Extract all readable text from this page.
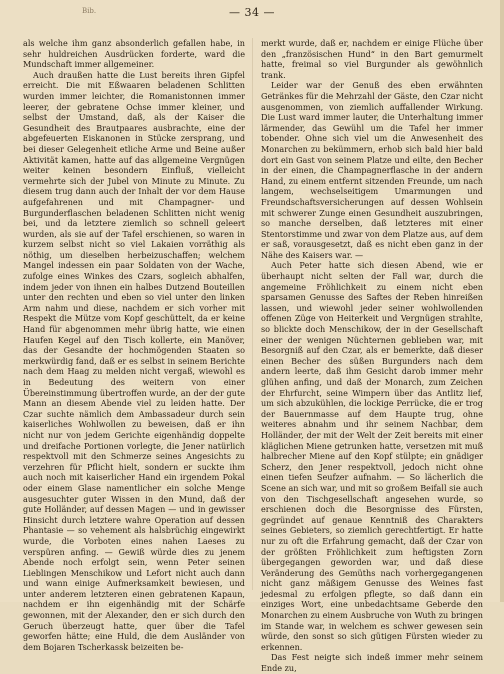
Bib.	— 34 —

als welche ihm ganz absonderlich gefallen habe, in sehr huldreichen Ausdrücken forderte, ward die Mundschaft immer allgemeiner.

Auch draußen hatte die Lust bereits ihren Gipfel erreicht. Die mit Eßwaaren beladenen Schlitten wurden immer leichter, die Romanistonnen immer leerer, der gebratene Ochse immer kleiner, und selbst der Umstand, daß, als der Kaiser die Gesundheit des Brautpaares ausbrachte, eine der abgefeuerten Eiskanonen in Stücke zersprang, und bei dieser Gelegenheit etliche Arme und Beine außer Aktivität kamen, hatte auf das allgemeine Vergnügen weiter keinen besondern Einfluß, vielleicht vermehrte sich der Jubel von Minute zu Minute. Zu diesem trug dann auch der Inhalt der vor dem Hause aufgefahrenen und mit Champagner- und Burgunderflaschen beladenen Schlitten nicht wenig bei, und da letztere ziemlich so schnell geleert wurden, als sie auf der Tafel erschienen, so waren in kurzem selbst nicht so viel Lakaien vorräthig als nöthig, um dieselben herbeizuschaffen; welchem Mangel indessen ein paar Soldaten von der Wache, zufolge eines Winkes des Czars, sogleich abhalfen, indem jeder von ihnen ein halbes Dutzend Bouteillen unter den rechten und eben so viel unter den linken Arm nahm und diese, nachdem er sich vorher mit Respekt die Mütze vom Kopf geschüttelt, da er keine Hand für abgenommen mehr übrig hatte, wie einen Haufen Kegel auf den Tisch kollerte, ein Manöver, das der Gesandte der hochmögenden Staaten so merkwürdig fand, daß er es selbst in seinem Berichte nach dem Haag zu melden nicht vergaß, wiewohl es in Bedeutung des weitern von einer Übereinstimmung übertroffen wurde, an der der gute Mann an diesem Abende viel zu leiden hatte. Der Czar suchte nämlich dem Ambassadeur durch sein kaiserliches Wohlwollen zu beweisen, daß er ihn nicht nur von jedem Gerichte eigenhändig doppelte und dreifache Portionen vorlegte, die Jener natürlich respektvoll mit den Schmerze seines Angesichts zu verzehren für Pflicht hielt, sondern er suckte ihm auch noch mit kaiserlicher Hand ein irgendem Pokal oder einem Glase namentlicher ein solche Menge ausgesuchter guter Wissen in den Mund, daß der gute Holländer, auf dessen Magen — und in gewisser Hinsicht durch letztere wahre Operation auf dessen Phantasie — so vehement als halsbrüchig eingewirkt wurde, die Vorboten eines nahen Laeses zu verspüren anfing. — Gewiß würde dies zu jenem Abende noch erfolgt sein, wenn Peter seinen Lieblingen Menschikow und Lefort nicht auch dann und wann einige Aufmerksamkeit bewiesen, und unter anderem letzteren einen gebratenen Kapaun, nachdem er ihn eigenhändig mit der Schärfe gewonnen, mit der Alexander, den er sich durch den Geruch überzeugt hatte, quer über die Tafel geworfen hätte; eine Huld, die dem Ausländer von dem Bojaren Tscherkassk beizeiten be-

merkt wurde, daß er, nachdem er einige Flüche über den „französischen Hund“ in den Bart gemurmelt hatte, freimal so viel Burgunder als gewöhnlich trank.

Leider war der Genuß des eben erwähnten Getränkes für die Mehrzahl der Gäste, den Czar nicht ausgenommen, von ziemlich auffallender Wirkung. Die Lust ward immer lauter, die Unterhaltung immer lärmender, das Gewühl um die Tafel her immer tobender. Ohne sich viel um die Anwesenheit des Monarchen zu bekümmern, erhob sich bald hier bald dort ein Gast von seinem Platze und eilte, den Becher in der einen, die Champagnerflasche in der andern Hand, zu einem entfernt sitzenden Freunde, um nach langem, wechselseitigem Umarmungen und Freundschaftsversicherungen auf dessen Wohlsein mit schwerer Zunge einen Gesundheit auszubringen, so manche derselben, daß letzteres mit einer Stentorstimme und zwar von dem Platze aus, auf dem er saß, vorausgesetzt, daß es nicht eben ganz in der Nähe des Kaisers war. —

Auch Peter hatte sich diesen Abend, wie er überhaupt nicht selten der Fall war, durch die angemeine Fröhlichkeit zu einem nicht eben sparsamen Genusse des Saftes der Reben hinreißen lassen, und wiewohl jeder seiner wohlwollenden offenen Züge von Heiterkeit und Vergnügen strahlte, so blickte doch Menschikow, der in der Gesellschaft einer der wenigen Nüchternen geblieben war, mit Besorgniß auf den Czar, als er bemerkte, daß dieser einen Becher des süßen Burgunders nach dem andern leerte, daß ihm Gesicht darob immer mehr glühen anfing, und daß der Monarch, zum Zeichen der Ehrfurcht, seine Wimpern über das Antlitz lief, um sich abzukühlen, die lockige Perrücke, die er trog der Bauernmasse auf dem Haupte trug, ohne weiteres abnahm und ihr seinem Nachbar, dem Holländer, der mit der Welt der Zeit bereits mit einer kläglichen Miene getrunken hatte, versetzen mit muß halbrecher Miene auf den Kopf stülpte; ein gnädiger Scherz, den Jener respektvoll, jedoch nicht ohne einen tiefen Seufzer aufnahm. — So lächerlich die Scene an sich war, und mit so großem Beifall sie auch von den Tischgesellschaft angesehen wurde, so erschienen doch die Besorgnisse des Fürsten, gegründet auf genaue Kenntniß des Charakters seines Gebieters, so ziemlich gerechtfertigt. Er hatte nur zu oft die Erfahrung gemacht, daß der Czar von der größten Fröhlichkeit zum heftigsten Zorn übergegangen geworden war, und daß diese Veränderung des Gemüths nach vorhergegangenen nicht ganz mäßigem Genusse des Weines fast jedesmal zu erfolgen pflegte, so daß dann ein einziges Wort, eine unbedachtsame Geberde den Monarchen zu einem Ausbruche von Wuth zu bringen im Stande war, in welchem es schwer gewesen sein würde, den sonst so sich gütigen Fürsten wieder zu erkennen.

Das Fest neigte sich indeß immer mehr seinem Ende zu,
